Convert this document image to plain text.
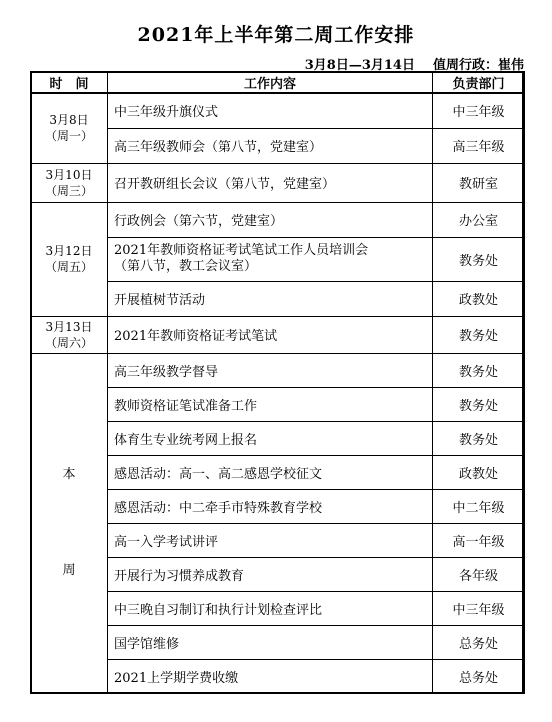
2021年上半年第二周工作安排
3月8日—3月14日 值周行政：崔伟
时　间	工作内容	负责部门

3月8日
（周一）	中三年级升旗仪式	中三年级
	高三年级教师会（第八节，党建室）	高三年级

3月10日
（周三）	召开教研组长会议（第八节，党建室）	教研室

3月12日
（周五）	行政例会（第六节，党建室）	办公室

	2021年教师资格证考试笔试工作人员培训会
（第八节，教工会议室）	教务处
	开展植树节活动	政教处

3月13日
（周六）	2021年教师资格证考试笔试	教务处

本
周	高三年级教学督导	教务处
	教师资格证笔试准备工作	教务处
	体育生专业统考网上报名	教务处
	感恩活动：高一、高二感恩学校征文	政教处
	感恩活动：中二牵手市特殊教育学校	中二年级
	高一入学考试讲评	高一年级
	开展行为习惯养成教育	各年级
	中三晚自习制订和执行计划检查评比	中三年级
	国学馆维修	总务处
	2021上学期学费收缴	总务处
